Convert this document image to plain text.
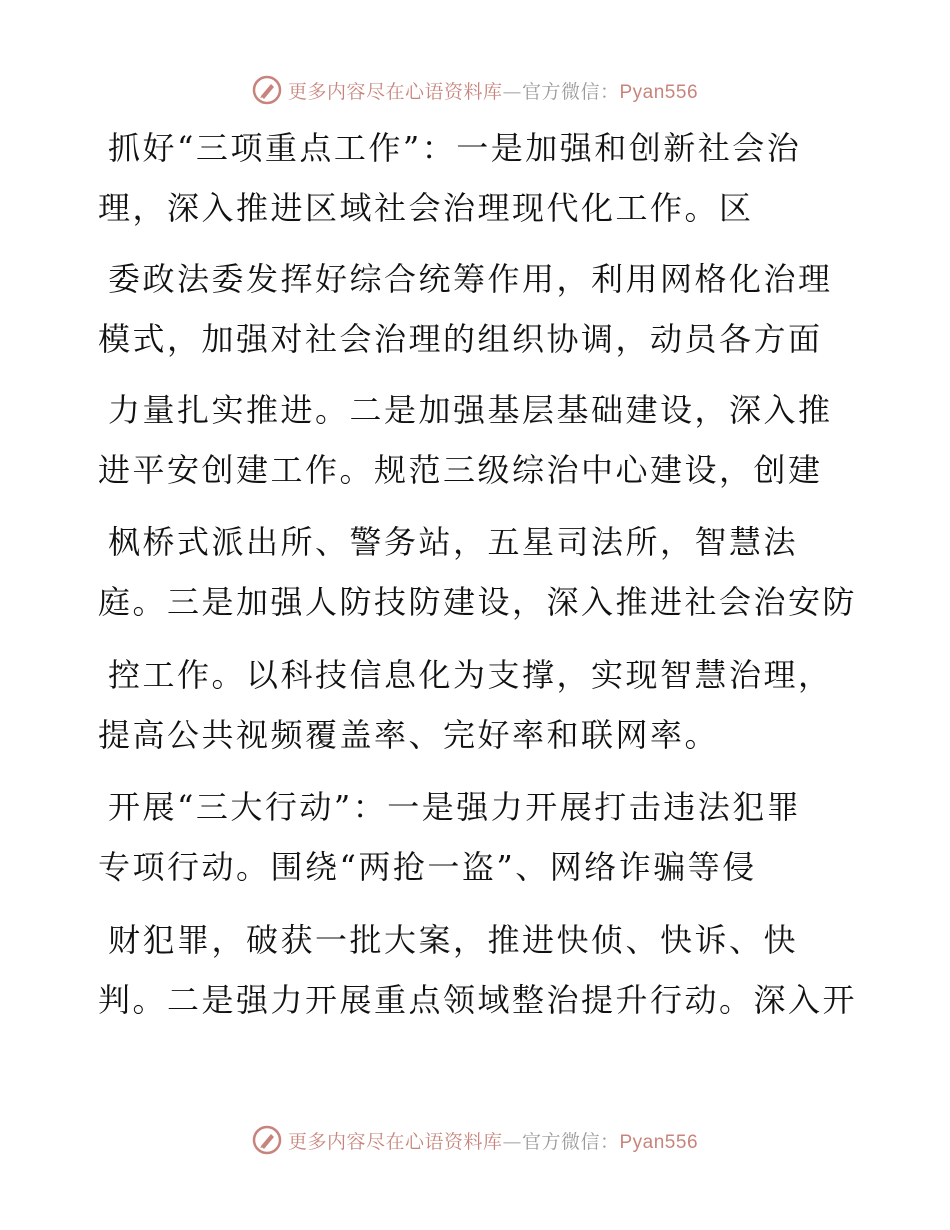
更多内容尽在心语资料库—官方微信：Pyan556
抓好“三项重点工作”：一是加强和创新社会治
理，深入推进区域社会治理现代化工作。区
委政法委发挥好综合统筹作用，利用网格化治理
模式，加强对社会治理的组织协调，动员各方面
力量扎实推进。二是加强基层基础建设，深入推
进平安创建工作。规范三级综治中心建设，创建
枫桥式派出所、警务站，五星司法所，智慧法
庭。三是加强人防技防建设，深入推进社会治安防
控工作。以科技信息化为支撑，实现智慧治理，
提高公共视频覆盖率、完好率和联网率。
开展“三大行动”：一是强力开展打击违法犯罪
专项行动。围绕“两抢一盗”、网络诈骗等侵
财犯罪，破获一批大案，推进快侦、快诉、快
判。二是强力开展重点领域整治提升行动。深入开
更多内容尽在心语资料库—官方微信：Pyan556
